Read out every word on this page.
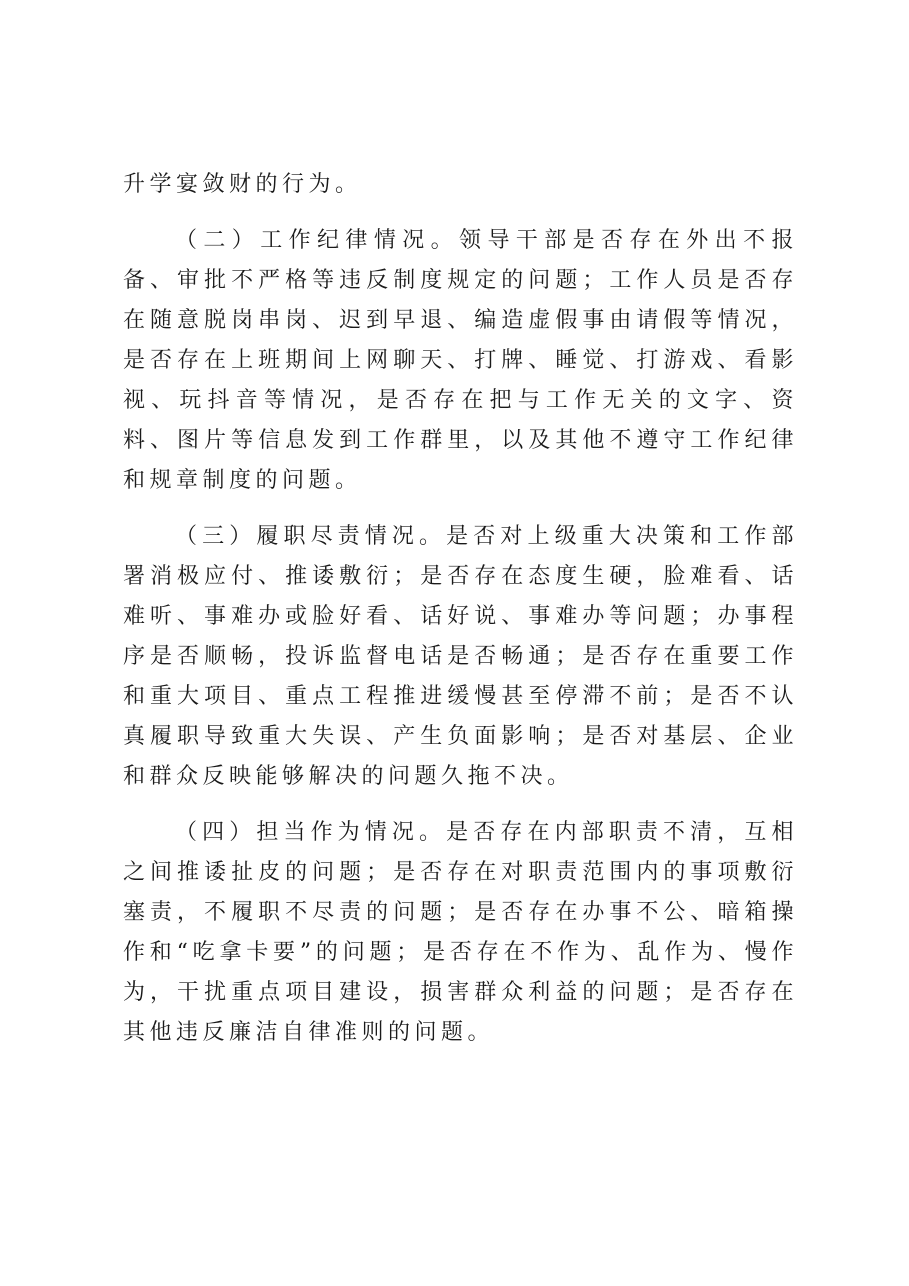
升学宴敛财的行为。

（二）工作纪律情况。领导干部是否存在外出不报备、审批不严格等违反制度规定的问题；工作人员是否存在随意脱岗串岗、迟到早退、编造虚假事由请假等情况，是否存在上班期间上网聊天、打牌、睡觉、打游戏、看影视、玩抖音等情况，是否存在把与工作无关的文字、资料、图片等信息发到工作群里，以及其他不遵守工作纪律和规章制度的问题。

（三）履职尽责情况。是否对上级重大决策和工作部署消极应付、推诿敷衍；是否存在态度生硬，脸难看、话难听、事难办或脸好看、话好说、事难办等问题；办事程序是否顺畅，投诉监督电话是否畅通；是否存在重要工作和重大项目、重点工程推进缓慢甚至停滞不前；是否不认真履职导致重大失误、产生负面影响；是否对基层、企业和群众反映能够解决的问题久拖不决。

（四）担当作为情况。是否存在内部职责不清，互相之间推诿扯皮的问题；是否存在对职责范围内的事项敷衍塞责，不履职不尽责的问题；是否存在办事不公、暗箱操作和“吃拿卡要”的问题；是否存在不作为、乱作为、慢作为，干扰重点项目建设，损害群众利益的问题；是否存在其他违反廉洁自律准则的问题。
